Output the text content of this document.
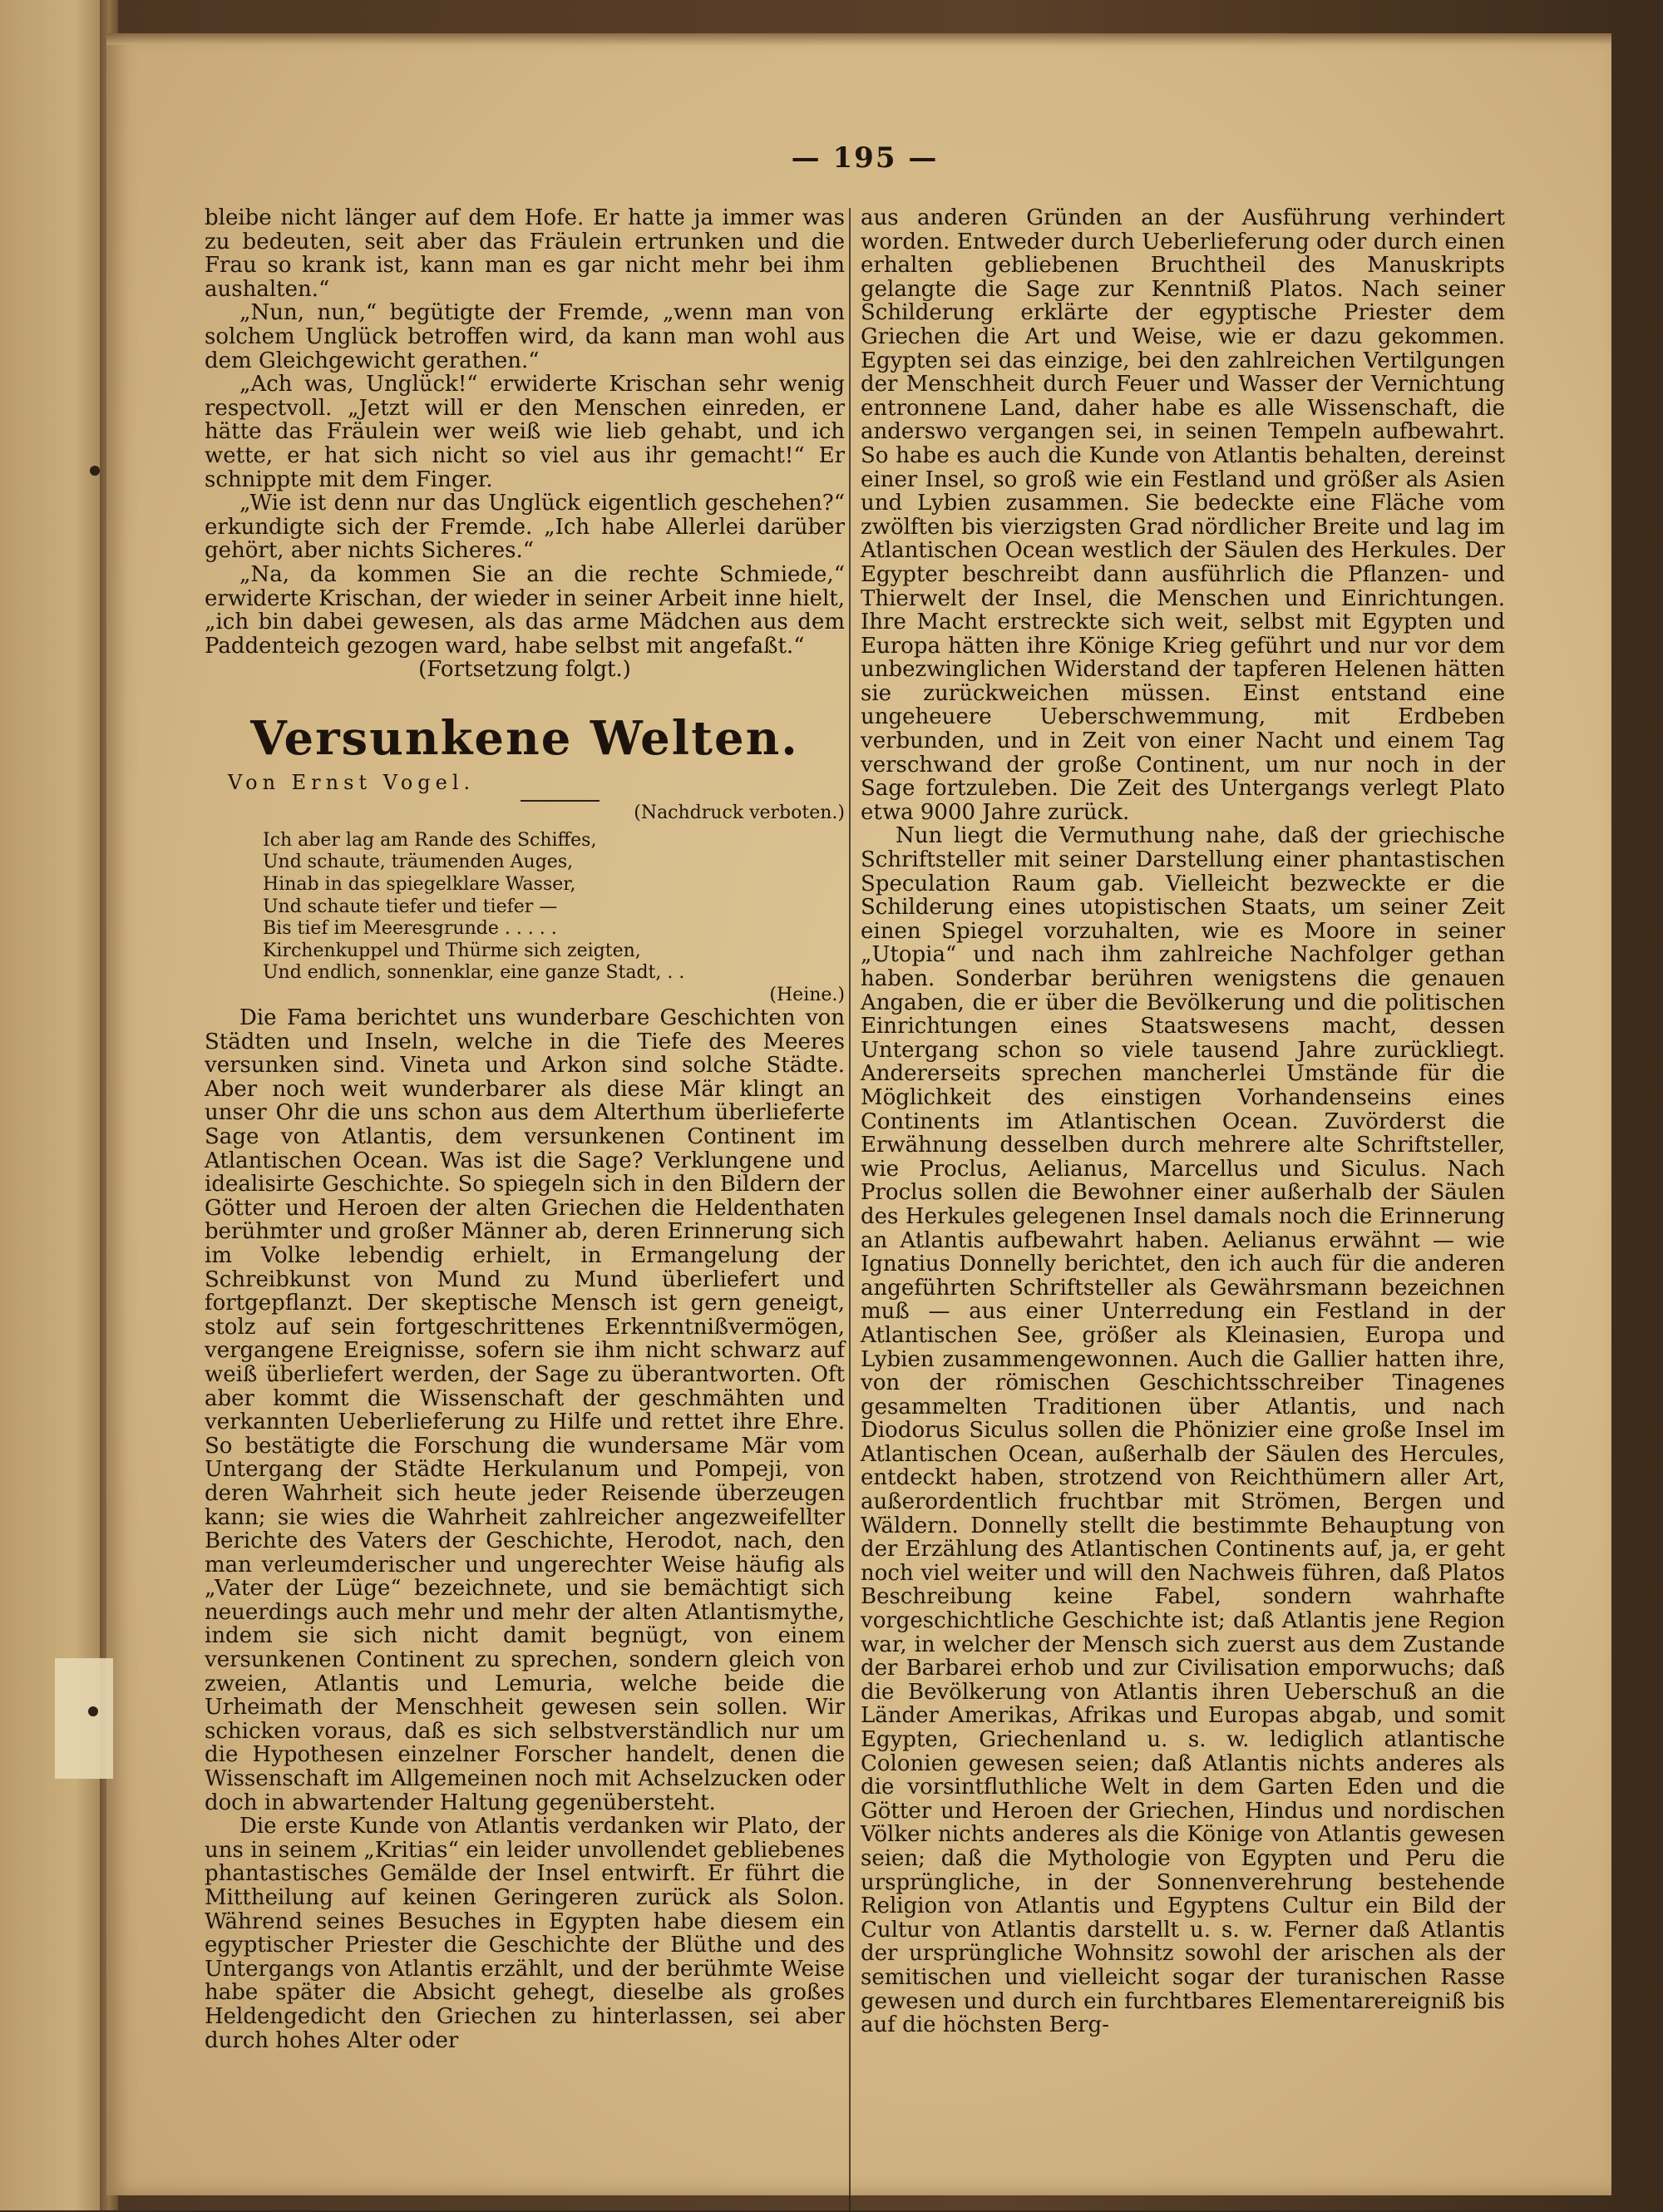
— 195 —

bleibe nicht länger auf dem Hofe. Er hatte ja immer was zu bedeuten, seit aber das Fräulein ertrunken und die Frau so krank ist, kann man es gar nicht mehr bei ihm aushalten.“

„Nun, nun,“ begütigte der Fremde, „wenn man von solchem Unglück betroffen wird, da kann man wohl aus dem Gleichgewicht gerathen.“

„Ach was, Unglück!“ erwiderte Krischan sehr wenig respectvoll. „Jetzt will er den Menschen einreden, er hätte das Fräulein wer weiß wie lieb gehabt, und ich wette, er hat sich nicht so viel aus ihr gemacht!“ Er schnippte mit dem Finger.

„Wie ist denn nur das Unglück eigentlich geschehen?“ erkundigte sich der Fremde. „Ich habe Allerlei darüber gehört, aber nichts Sicheres.“

„Na, da kommen Sie an die rechte Schmiede,“ erwiderte Krischan, der wieder in seiner Arbeit inne hielt, „ich bin dabei gewesen, als das arme Mädchen aus dem Paddenteich gezogen ward, habe selbst mit angefaßt.“

(Fortsetzung folgt.)

Versunkene Welten.

Von Ernst Vogel.

(Nachdruck verboten.)

Ich aber lag am Rande des Schiffes,

Und schaute, träumenden Auges,

Hinab in das spiegelklare Wasser,

Und schaute tiefer und tiefer —

Bis tief im Meeresgrunde . . . . .

Kirchenkuppel und Thürme sich zeigten,

Und endlich, sonnenklar, eine ganze Stadt, . .

(Heine.)

Die Fama berichtet uns wunderbare Geschichten von Städten und Inseln, welche in die Tiefe des Meeres versunken sind. Vineta und Arkon sind solche Städte. Aber noch weit wunderbarer als diese Mär klingt an unser Ohr die uns schon aus dem Alterthum überlieferte Sage von Atlantis, dem versunkenen Continent im Atlantischen Ocean. Was ist die Sage? Verklungene und idealisirte Geschichte. So spiegeln sich in den Bildern der Götter und Heroen der alten Griechen die Heldenthaten berühmter und großer Männer ab, deren Erinnerung sich im Volke lebendig erhielt, in Ermangelung der Schreibkunst von Mund zu Mund überliefert und fortgepflanzt. Der skeptische Mensch ist gern geneigt, stolz auf sein fortgeschrittenes Erkenntnißvermögen, vergangene Ereignisse, sofern sie ihm nicht schwarz auf weiß überliefert werden, der Sage zu überantworten. Oft aber kommt die Wissenschaft der geschmähten und verkannten Ueberlieferung zu Hilfe und rettet ihre Ehre. So bestätigte die Forschung die wundersame Mär vom Untergang der Städte Herkulanum und Pompeji, von deren Wahrheit sich heute jeder Reisende überzeugen kann; sie wies die Wahrheit zahlreicher angezweifellter Berichte des Vaters der Geschichte, Herodot, nach, den man verleumderischer und ungerechter Weise häufig als „Vater der Lüge“ bezeichnete, und sie bemächtigt sich neuerdings auch mehr und mehr der alten Atlantismythe, indem sie sich nicht damit begnügt, von einem versunkenen Continent zu sprechen, sondern gleich von zweien, Atlantis und Lemuria, welche beide die Urheimath der Menschheit gewesen sein sollen. Wir schicken voraus, daß es sich selbstverständlich nur um die Hypothesen einzelner Forscher handelt, denen die Wissenschaft im Allgemeinen noch mit Achselzucken oder doch in abwartender Haltung gegenübersteht.

Die erste Kunde von Atlantis verdanken wir Plato, der uns in seinem „Kritias“ ein leider unvollendet gebliebenes phantastisches Gemälde der Insel entwirft. Er führt die Mittheilung auf keinen Geringeren zurück als Solon. Während seines Besuches in Egypten habe diesem ein egyptischer Priester die Geschichte der Blüthe und des Untergangs von Atlantis erzählt, und der berühmte Weise habe später die Absicht gehegt, dieselbe als großes Heldengedicht den Griechen zu hinterlassen, sei aber durch hohes Alter oder

aus anderen Gründen an der Ausführung verhindert worden. Entweder durch Ueberlieferung oder durch einen erhalten gebliebenen Bruchtheil des Manuskripts gelangte die Sage zur Kenntniß Platos. Nach seiner Schilderung erklärte der egyptische Priester dem Griechen die Art und Weise, wie er dazu gekommen. Egypten sei das einzige, bei den zahlreichen Vertilgungen der Menschheit durch Feuer und Wasser der Vernichtung entronnene Land, daher habe es alle Wissenschaft, die anderswo vergangen sei, in seinen Tempeln aufbewahrt. So habe es auch die Kunde von Atlantis behalten, dereinst einer Insel, so groß wie ein Festland und größer als Asien und Lybien zusammen. Sie bedeckte eine Fläche vom zwölften bis vierzigsten Grad nördlicher Breite und lag im Atlantischen Ocean westlich der Säulen des Herkules. Der Egypter beschreibt dann ausführlich die Pflanzen- und Thierwelt der Insel, die Menschen und Einrichtungen. Ihre Macht erstreckte sich weit, selbst mit Egypten und Europa hätten ihre Könige Krieg geführt und nur vor dem unbezwinglichen Widerstand der tapferen Helenen hätten sie zurückweichen müssen. Einst entstand eine ungeheuere Ueberschwemmung, mit Erdbeben verbunden, und in Zeit von einer Nacht und einem Tag verschwand der große Continent, um nur noch in der Sage fortzuleben. Die Zeit des Untergangs verlegt Plato etwa 9000 Jahre zurück.

Nun liegt die Vermuthung nahe, daß der griechische Schriftsteller mit seiner Darstellung einer phantastischen Speculation Raum gab. Vielleicht bezweckte er die Schilderung eines utopistischen Staats, um seiner Zeit einen Spiegel vorzuhalten, wie es Moore in seiner „Utopia“ und nach ihm zahlreiche Nachfolger gethan haben. Sonderbar berühren wenigstens die genauen Angaben, die er über die Bevölkerung und die politischen Einrichtungen eines Staatswesens macht, dessen Untergang schon so viele tausend Jahre zurückliegt. Andererseits sprechen mancherlei Umstände für die Möglichkeit des einstigen Vorhandenseins eines Continents im Atlantischen Ocean. Zuvörderst die Erwähnung desselben durch mehrere alte Schriftsteller, wie Proclus, Aelianus, Marcellus und Siculus. Nach Proclus sollen die Bewohner einer außerhalb der Säulen des Herkules gelegenen Insel damals noch die Erinnerung an Atlantis aufbewahrt haben. Aelianus erwähnt — wie Ignatius Donnelly berichtet, den ich auch für die anderen angeführten Schriftsteller als Gewährsmann bezeichnen muß — aus einer Unterredung ein Festland in der Atlantischen See, größer als Kleinasien, Europa und Lybien zusammengewonnen. Auch die Gallier hatten ihre, von der römischen Geschichtsschreiber Tinagenes gesammelten Traditionen über Atlantis, und nach Diodorus Siculus sollen die Phönizier eine große Insel im Atlantischen Ocean, außerhalb der Säulen des Hercules, entdeckt haben, strotzend von Reichthümern aller Art, außerordentlich fruchtbar mit Strömen, Bergen und Wäldern. Donnelly stellt die bestimmte Behauptung von der Erzählung des Atlantischen Continents auf, ja, er geht noch viel weiter und will den Nachweis führen, daß Platos Beschreibung keine Fabel, sondern wahrhafte vorgeschichtliche Geschichte ist; daß Atlantis jene Region war, in welcher der Mensch sich zuerst aus dem Zustande der Barbarei erhob und zur Civilisation emporwuchs; daß die Bevölkerung von Atlantis ihren Ueberschuß an die Länder Amerikas, Afrikas und Europas abgab, und somit Egypten, Griechenland u. s. w. lediglich atlantische Colonien gewesen seien; daß Atlantis nichts anderes als die vorsintfluthliche Welt in dem Garten Eden und die Götter und Heroen der Griechen, Hindus und nordischen Völker nichts anderes als die Könige von Atlantis gewesen seien; daß die Mythologie von Egypten und Peru die ursprüngliche, in der Sonnenverehrung bestehende Religion von Atlantis und Egyptens Cultur ein Bild der Cultur von Atlantis darstellt u. s. w. Ferner daß Atlantis der ursprüngliche Wohnsitz sowohl der arischen als der semitischen und vielleicht sogar der turanischen Rasse gewesen und durch ein furchtbares Elementarereigniß bis auf die höchsten Berg-
